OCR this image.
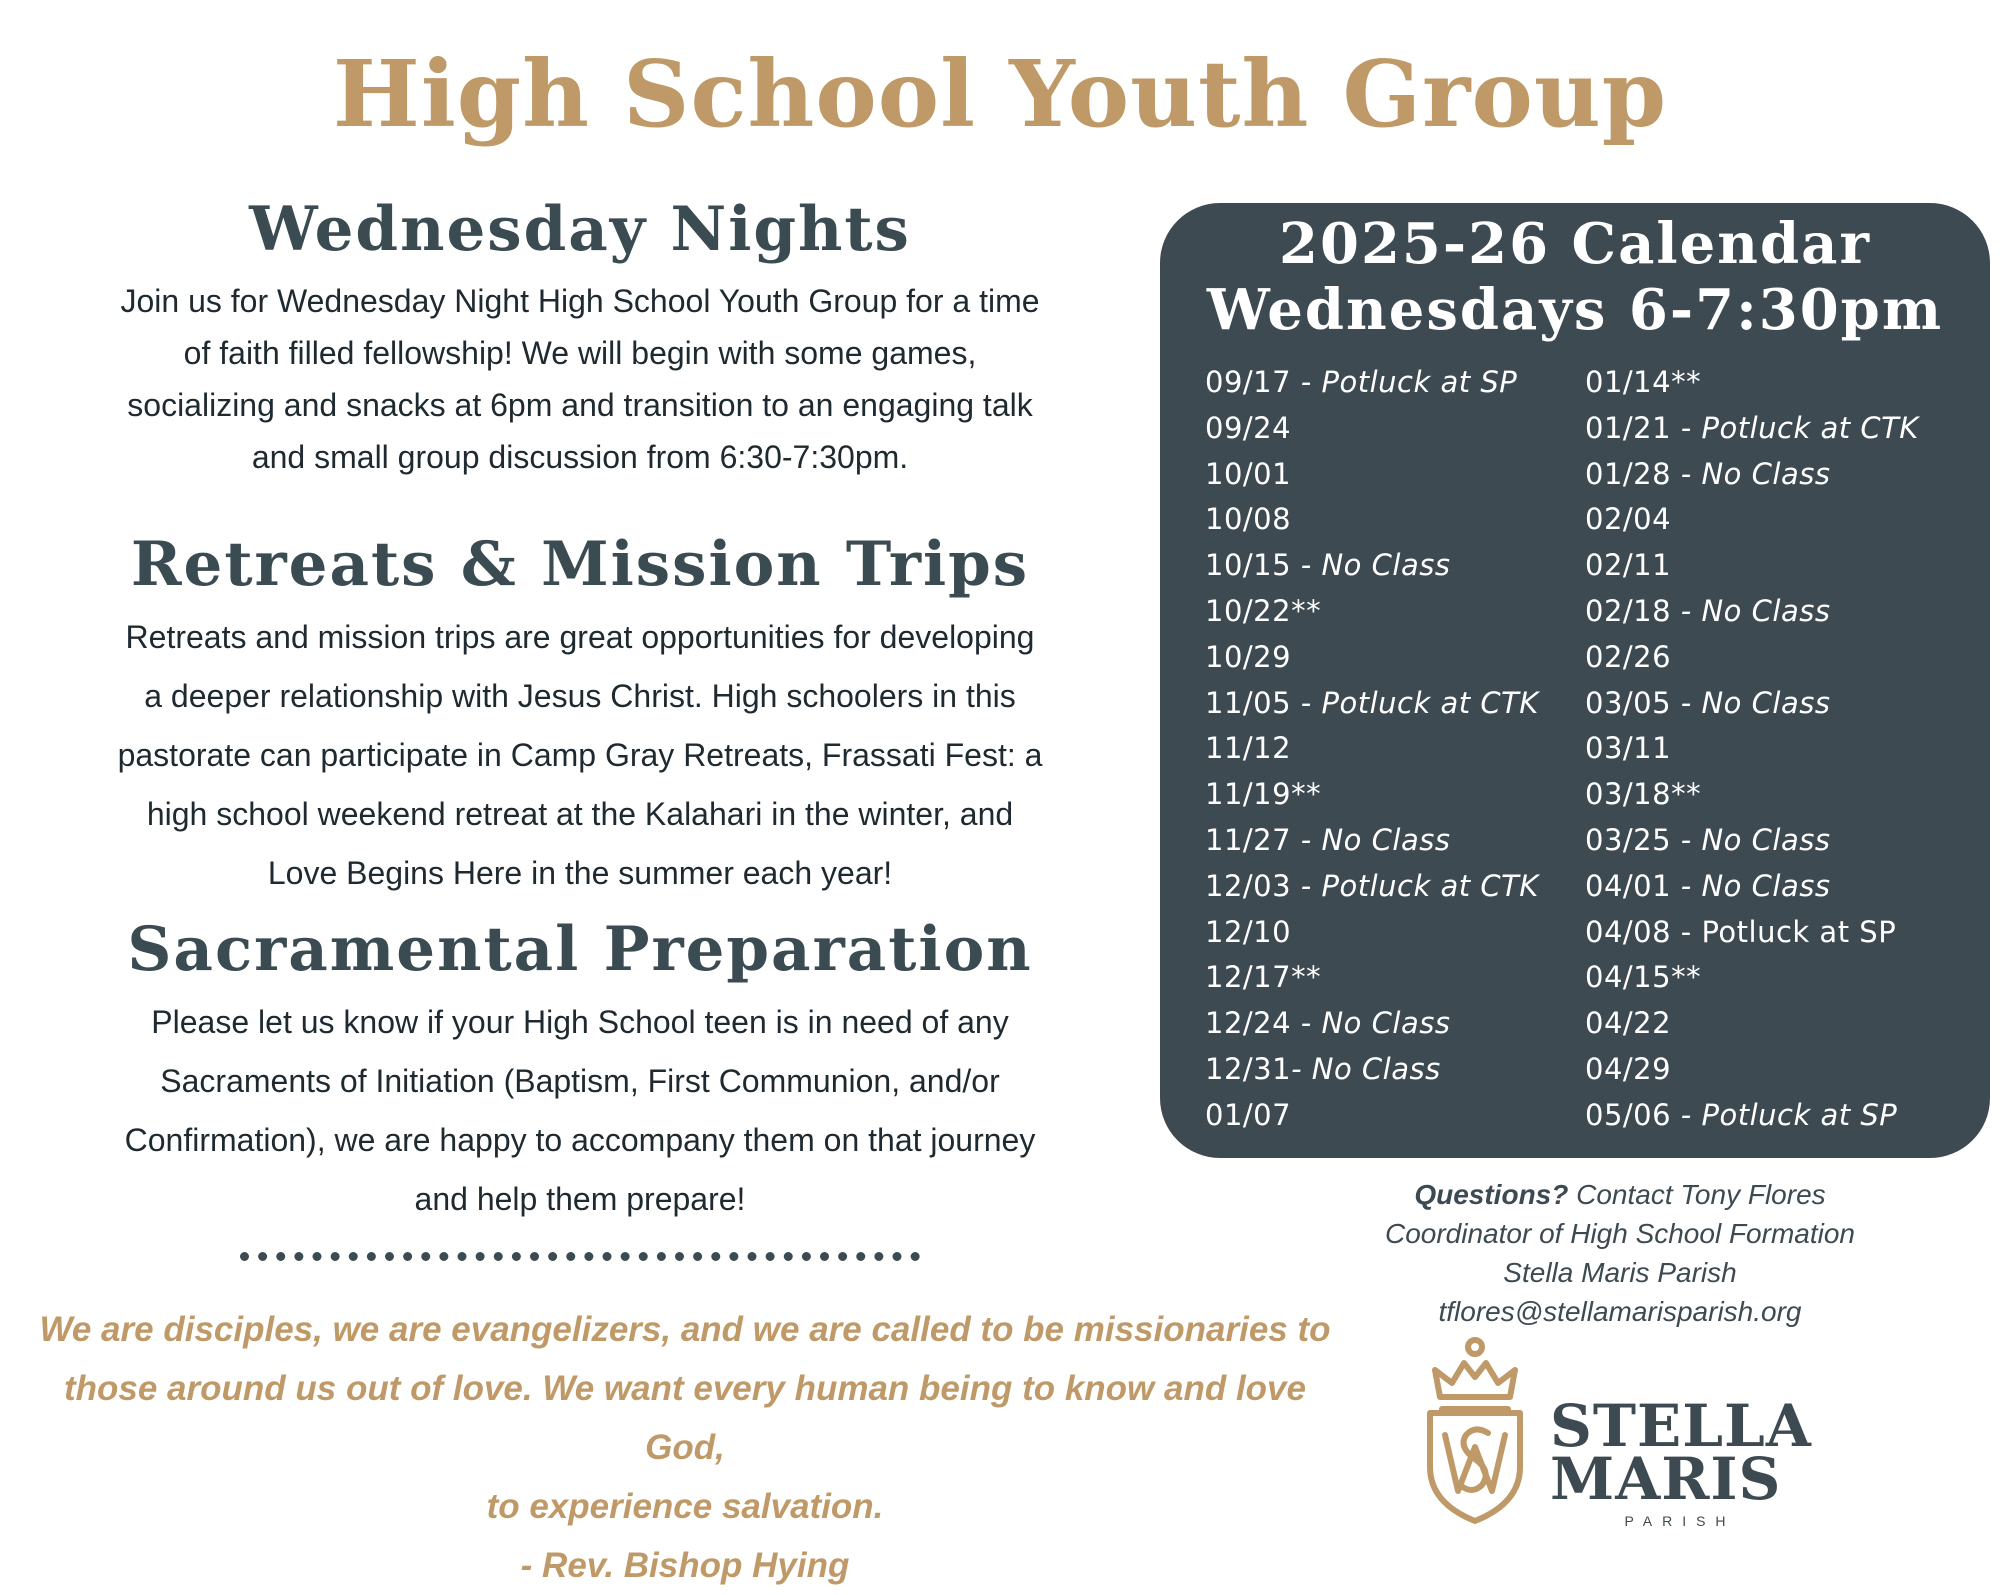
High School Youth Group
Wednesday Nights

Join us for Wednesday Night High School Youth Group for a time
of faith filled fellowship! We will begin with some games,
socializing and snacks at 6pm and transition to an engaging talk
and small group discussion from 6:30-7:30pm.

Retreats & Mission Trips

Retreats and mission trips are great opportunities for developing
a deeper relationship with Jesus Christ. High schoolers in this
pastorate can participate in Camp Gray Retreats, Frassati Fest: a
high school weekend retreat at the Kalahari in the winter, and
Love Begins Here in the summer each year!

Sacramental Preparation

Please let us know if your High School teen is in need of any
Sacraments of Initiation (Baptism, First Communion, and/or
Confirmation), we are happy to accompany them on that journey
and help them prepare!

We are disciples, we are evangelizers, and we are called to be missionaries to
those around us out of love. We want every human being to know and love God,
to experience salvation.
- Rev. Bishop Hying
2025-26 Calendar
Wednesdays 6-7:30pm
09/17 - Potluck at SP
09/24
10/01
10/08
10/15 - No Class
10/22**
10/29
11/05 - Potluck at CTK
11/12
11/19**
11/27 - No Class
12/03 - Potluck at CTK
12/10
12/17**
12/24 - No Class
12/31- No Class
01/07
01/14**
01/21 - Potluck at CTK
01/28 - No Class
02/04
02/11
02/18 - No Class
02/26
03/05 - No Class
03/11
03/18**
03/25 - No Class
04/01 - No Class
04/08 - Potluck at SP
04/15**
04/22
04/29
05/06 - Potluck at SP
Questions? Contact Tony Flores
Coordinator of High School Formation
Stella Maris Parish
tflores@stellamarisparish.org
STELLA
MARIS
PARISH
